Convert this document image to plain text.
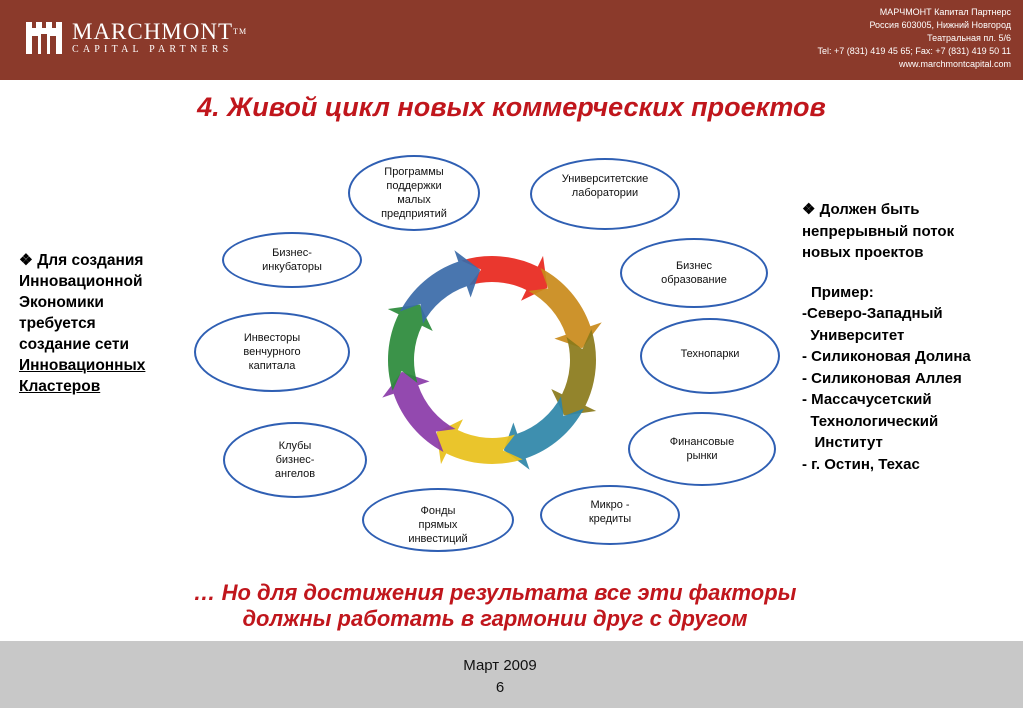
MARCHMONT™
CAPITAL PARTNERS
МАРЧМОНТ Капитал Партнерс
Россия 603005, Нижний Новгород
Театральная пл. 5/6
Tel: +7 (831) 419 45 65; Fax: +7 (831) 419 50 11
www.marchmontcapital.com
4. Живой цикл новых коммерческих проектов
❖ Для создания
Инновационной
Экономики
требуется
создание сети
Инновационных
Кластеров
❖ Должен быть
непрерывный поток
новых проектов
Пример:
-Северо-Западный
Университет
- Силиконовая Долина
- Силиконовая Аллея
- Массачусетский
Технологический
Институт
- г. Остин, Техас
Программы
поддержки
малых
предприятий
Университетские
лаборатории
Бизнес
образование
Технопарки
Финансовые
рынки
Микро -
кредиты
Фонды
прямых
инвестиций
Клубы
бизнес-
ангелов
Инвесторы
венчурного
капитала
Бизнес-
инкубаторы
… Но для достижения результата все эти факторы
должны работать в гармонии друг с другом
Март 2009
6
